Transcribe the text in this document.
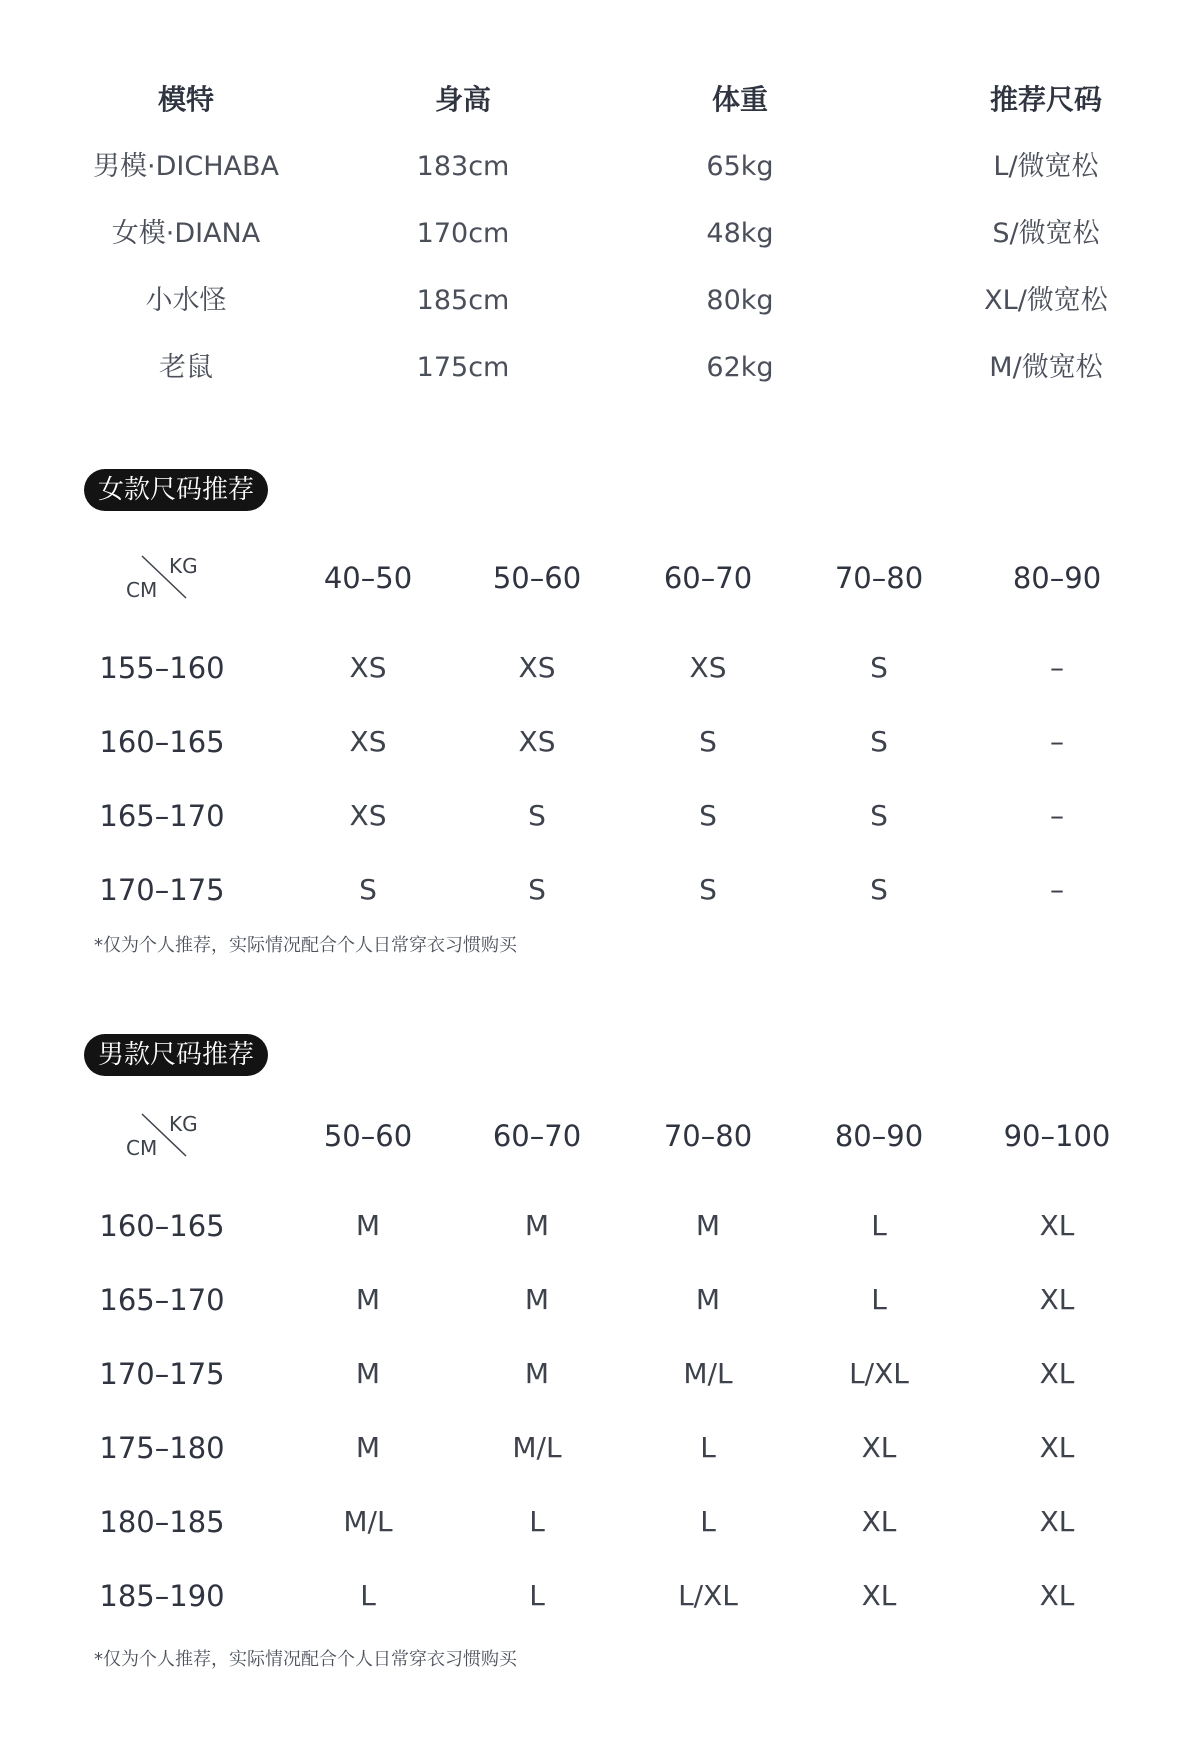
模特	身高	体重	推荐尺码
男模·DICHABA	183cm	65kg	L/微宽松
女模·DIANA	170cm	48kg	S/微宽松
小水怪	185cm	80kg	XL/微宽松
老鼠	175cm	62kg	M/微宽松
女款尺码推荐
KG
CM	40–50	50–60	60–70	70–80	80–90
155–160	XS	XS	XS	S	–
160–165	XS	XS	S	S	–
165–170	XS	S	S	S	–
170–175	S	S	S	S	–
*仅为个人推荐，实际情况配合个人日常穿衣习惯购买
男款尺码推荐
KG
CM	50–60	60–70	70–80	80–90	90–100
160–165	M	M	M	L	XL
165–170	M	M	M	L	XL
170–175	M	M	M/L	L/XL	XL
175–180	M	M/L	L	XL	XL
180–185	M/L	L	L	XL	XL
185–190	L	L	L/XL	XL	XL
*仅为个人推荐，实际情况配合个人日常穿衣习惯购买
